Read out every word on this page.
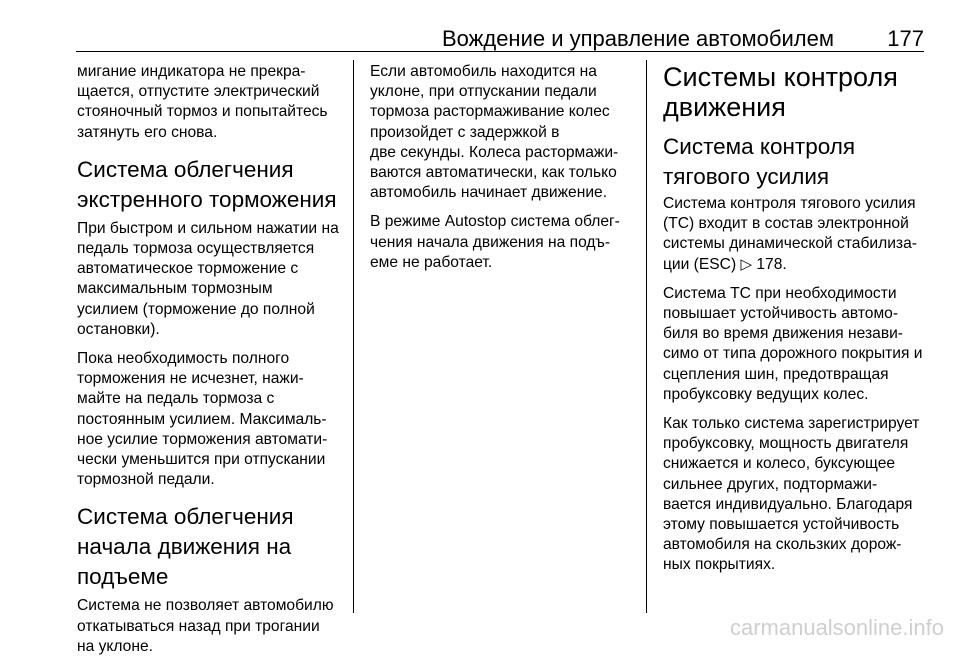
Вождение и управление автомобилем 177

мигание индикатора не прекра-
щается, отпустите электрический
стояночный тормоз и попытайтесь
затянуть его снова.

Система облегчения
экстренного торможения

При быстром и сильном нажатии на
педаль тормоза осуществляется
автоматическое торможение с
максимальным тормозным
усилием (торможение до полной
остановки).

Пока необходимость полного
торможения не исчезнет, нажи-
майте на педаль тормоза с
постоянным усилием. Максималь-
ное усилие торможения автомати-
чески уменьшится при отпускании
тормозной педали.

Система облегчения
начала движения на
подъеме

Система не позволяет автомобилю
откатываться назад при трогании
на уклоне.

Если автомобиль находится на
уклоне, при отпускании педали
тормоза растормаживание колес
произойдет с задержкой в
две секунды. Колеса растормажи-
ваются автоматически, как только
автомобиль начинает движение.

В режиме Autostop система облег-
чения начала движения на подъ-
еме не работает.

Системы контроля
движения
Система контроля
тягового усилия

Система контроля тягового усилия
(TC) входит в состав электронной
системы динамической стабилиза-
ции (ESC) ▷ 178.

Система TC при необходимости
повышает устойчивость автомо-
биля во время движения незави-
симо от типа дорожного покрытия и
сцепления шин, предотвращая
пробуксовку ведущих колес.

Как только система зарегистрирует
пробуксовку, мощность двигателя
снижается и колесо, буксующее
сильнее других, подтормажи-
вается индивидуально. Благодаря
этому повышается устойчивость
автомобиля на скользких дорож-
ных покрытиях.

carmanualsonline.info
